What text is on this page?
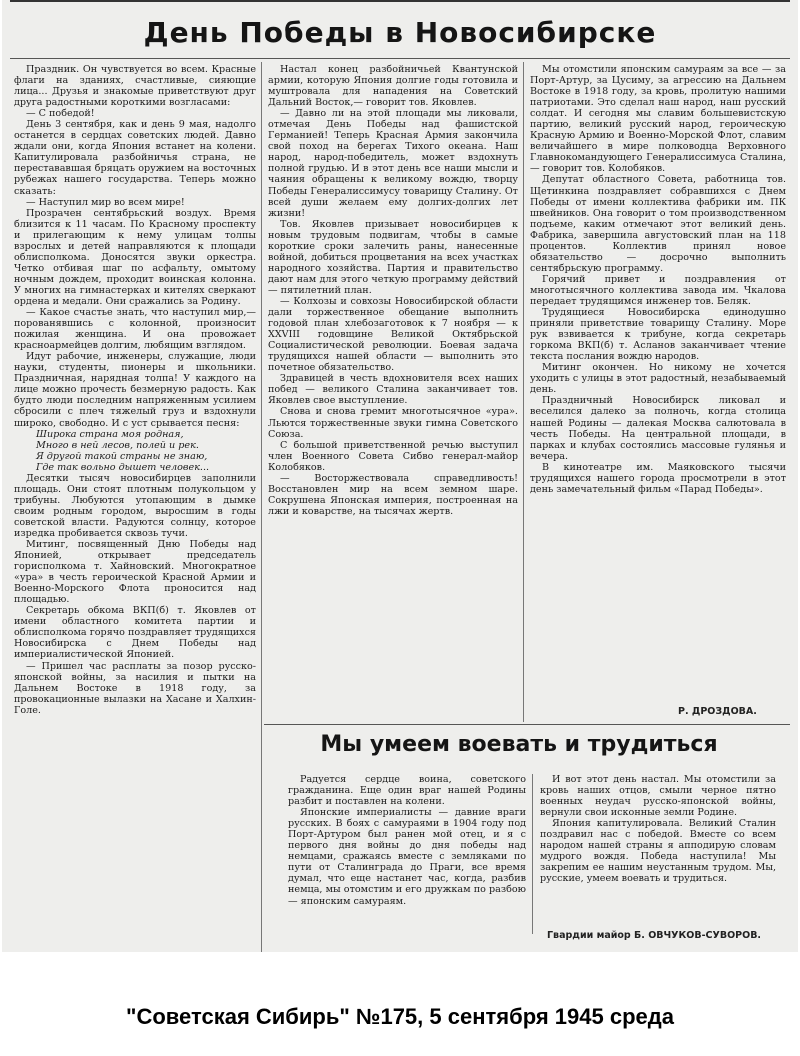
День Победы в Новосибирске

Праздник. Он чувствуется во всем. Красные флаги на зданиях, счастливые, сияющие лица... Друзья и знакомые приветствуют друг друга радостными короткими возгласами:

— С победой!

День 3 сентября, как и день 9 мая, надолго останется в сердцах советских людей. Давно ждали они, когда Япония встанет на колени. Капитулировала разбойничья страна, не перестававшая бряцать оружием на восточных рубежах нашего государства. Теперь можно сказать:

— Наступил мир во всем мире!

Прозрачен сентябрьский воздух. Время близится к 11 часам. По Красному проспекту и прилегающим к нему улицам толпы взрослых и детей направляются к площади облисполкома. Доносятся звуки оркестра. Четко отбивая шаг по асфальту, омытому ночным дождем, проходит воинская колонна. У многих на гимнастерках и кителях сверкают ордена и медали. Они сражались за Родину.

— Какое счастье знать, что наступил мир,— порованявшись с колонной, произносит пожилая женщина. И она провожает красноармейцев долгим, любящим взглядом.

Идут рабочие, инженеры, служащие, люди науки, студенты, пионеры и школьники. Праздничная, нарядная толпа! У каждого на лице можно прочесть безмерную радость. Как будто люди последним напряженным усилием сбросили с плеч тяжелый груз и вздохнули широко, свободно. И с уст срывается песня:

Широка страна моя родная,

Много в ней лесов, полей и рек.

Я другой такой страны не знаю,

Где так вольно дышет человек...

Десятки тысяч новосибирцев заполнили площадь. Они стоят плотным полукольцом у трибуны. Любуются утопающим в дымке своим родным городом, выросшим в годы советской власти. Радуются солнцу, которое изредка пробивается сквозь тучи.

Митинг, посвященный Дню Победы над Японией, открывает председатель горисполкома т. Хайновский. Многократное «ура» в честь героической Красной Армии и Военно-Морского Флота проносится над площадью.

Секретарь обкома ВКП(б) т. Яковлев от имени областного комитета партии и облисполкома горячо поздравляет трудящихся Новосибирска с Днем Победы над империалистической Японией.

— Пришел час расплаты за позор русско-японской войны, за насилия и пытки на Дальнем Востоке в 1918 году, за провокационные вылазки на Хасане и Халхин-Голе.

Настал конец разбойничьей Квантунской армии, которую Япония долгие годы готовила и муштровала для нападения на Советский Дальний Восток,— говорит тов. Яковлев.

— Давно ли на этой площади мы ликовали, отмечая День Победы над фашистской Германией! Теперь Красная Армия закончила свой поход на берегах Тихого океана. Наш народ, народ-победитель, может вздохнуть полной грудью. И в этот день все наши мысли и чаяния обращены к великому вождю, творцу Победы Генералиссимусу товарищу Сталину. От всей души желаем ему долгих-долгих лет жизни!

Тов. Яковлев призывает новосибирцев к новым трудовым подвигам, чтобы в самые короткие сроки залечить раны, нанесенные войной, добиться процветания на всех участках народного хозяйства. Партия и правительство дают нам для этого четкую программу действий — пятилетний план.

— Колхозы и совхозы Новосибирской области дали торжественное обещание выполнить годовой план хлебозаготовок к 7 ноября — к XXVIII годовщине Великой Октябрьской Социалистической революции. Боевая задача трудящихся нашей области — выполнить это почетное обязательство.

Здравицей в честь вдохновителя всех наших побед — великого Сталина заканчивает тов. Яковлев свое выступление.

Снова и снова гремит многотысячное «ура». Льются торжественные звуки гимна Советского Союза.

С большой приветственной речью выступил член Военного Совета Сибво генерал-майор Колобяков.

— Восторжествовала справедливость! Восстановлен мир на всем земном шаре. Сокрушена Японская империя, построенная на лжи и коварстве, на тысячах жертв.

Мы отомстили японским самураям за все — за Порт-Артур, за Цусиму, за агрессию на Дальнем Востоке в 1918 году, за кровь, пролитую нашими патриотами. Это сделал наш народ, наш русский солдат. И сегодня мы славим большевистскую партию, великий русский народ, героическую Красную Армию и Военно-Морской Флот, славим величайшего в мире полководца Верховного Главнокомандующего Генералиссимуса Сталина,— говорит тов. Колобяков.

Депутат областного Совета, работница тов. Щетинкина поздравляет собравшихся с Днем Победы от имени коллектива фабрики им. ПК швейников. Она говорит о том производственном подъеме, каким отмечают этот великий день. Фабрика, завершила августовский план на 118 процентов. Коллектив принял новое обязательство — досрочно выполнить сентябрьскую программу.

Горячий привет и поздравления от многотысячного коллектива завода им. Чкалова передает трудящимся инженер тов. Беляк.

Трудящиеся Новосибирска единодушно приняли приветствие товарищу Сталину. Море рук взвивается к трибуне, когда секретарь горкома ВКП(б) т. Асланов заканчивает чтение текста послания вождю народов.

Митинг окончен. Но никому не хочется уходить с улицы в этот радостный, незабываемый день.

Праздничный Новосибирск ликовал и веселился далеко за полночь, когда столица нашей Родины — далекая Москва салютовала в честь Победы. На центральной площади, в парках и клубах состоялись массовые гулянья и вечера.

В кинотеатре им. Маяковского тысячи трудящихся нашего города просмотрели в этот день замечательный фильм «Парад Победы».

Р. ДРОЗДОВА.
Мы умеем воевать и трудиться

Радуется сердце воина, советского гражданина. Еще один враг нашей Родины разбит и поставлен на колени.

Японские империалисты — давние враги русских. В боях с самураями в 1904 году под Порт-Артуром был ранен мой отец, и я с первого дня войны до дня победы над немцами, сражаясь вместе с земляками по пути от Сталинграда до Праги, все время думал, что еще настанет час, когда, разбив немца, мы отомстим и его дружкам по разбою — японским самураям.

И вот этот день настал. Мы отомстили за кровь наших отцов, смыли черное пятно военных неудач русско-японской войны, вернули свои исконные земли Родине.

Япония капитулировала. Великий Сталин поздравил нас с победой. Вместе со всем народом нашей страны я апподирую словам мудрого вождя. Победа наступила! Мы закрепим ее нашим неустанным трудом. Мы, русские, умеем воевать и трудиться.

Гвардии майор Б. ОВЧУКОВ-СУВОРОВ.
"Советская Сибирь" №175, 5 сентября 1945 среда
